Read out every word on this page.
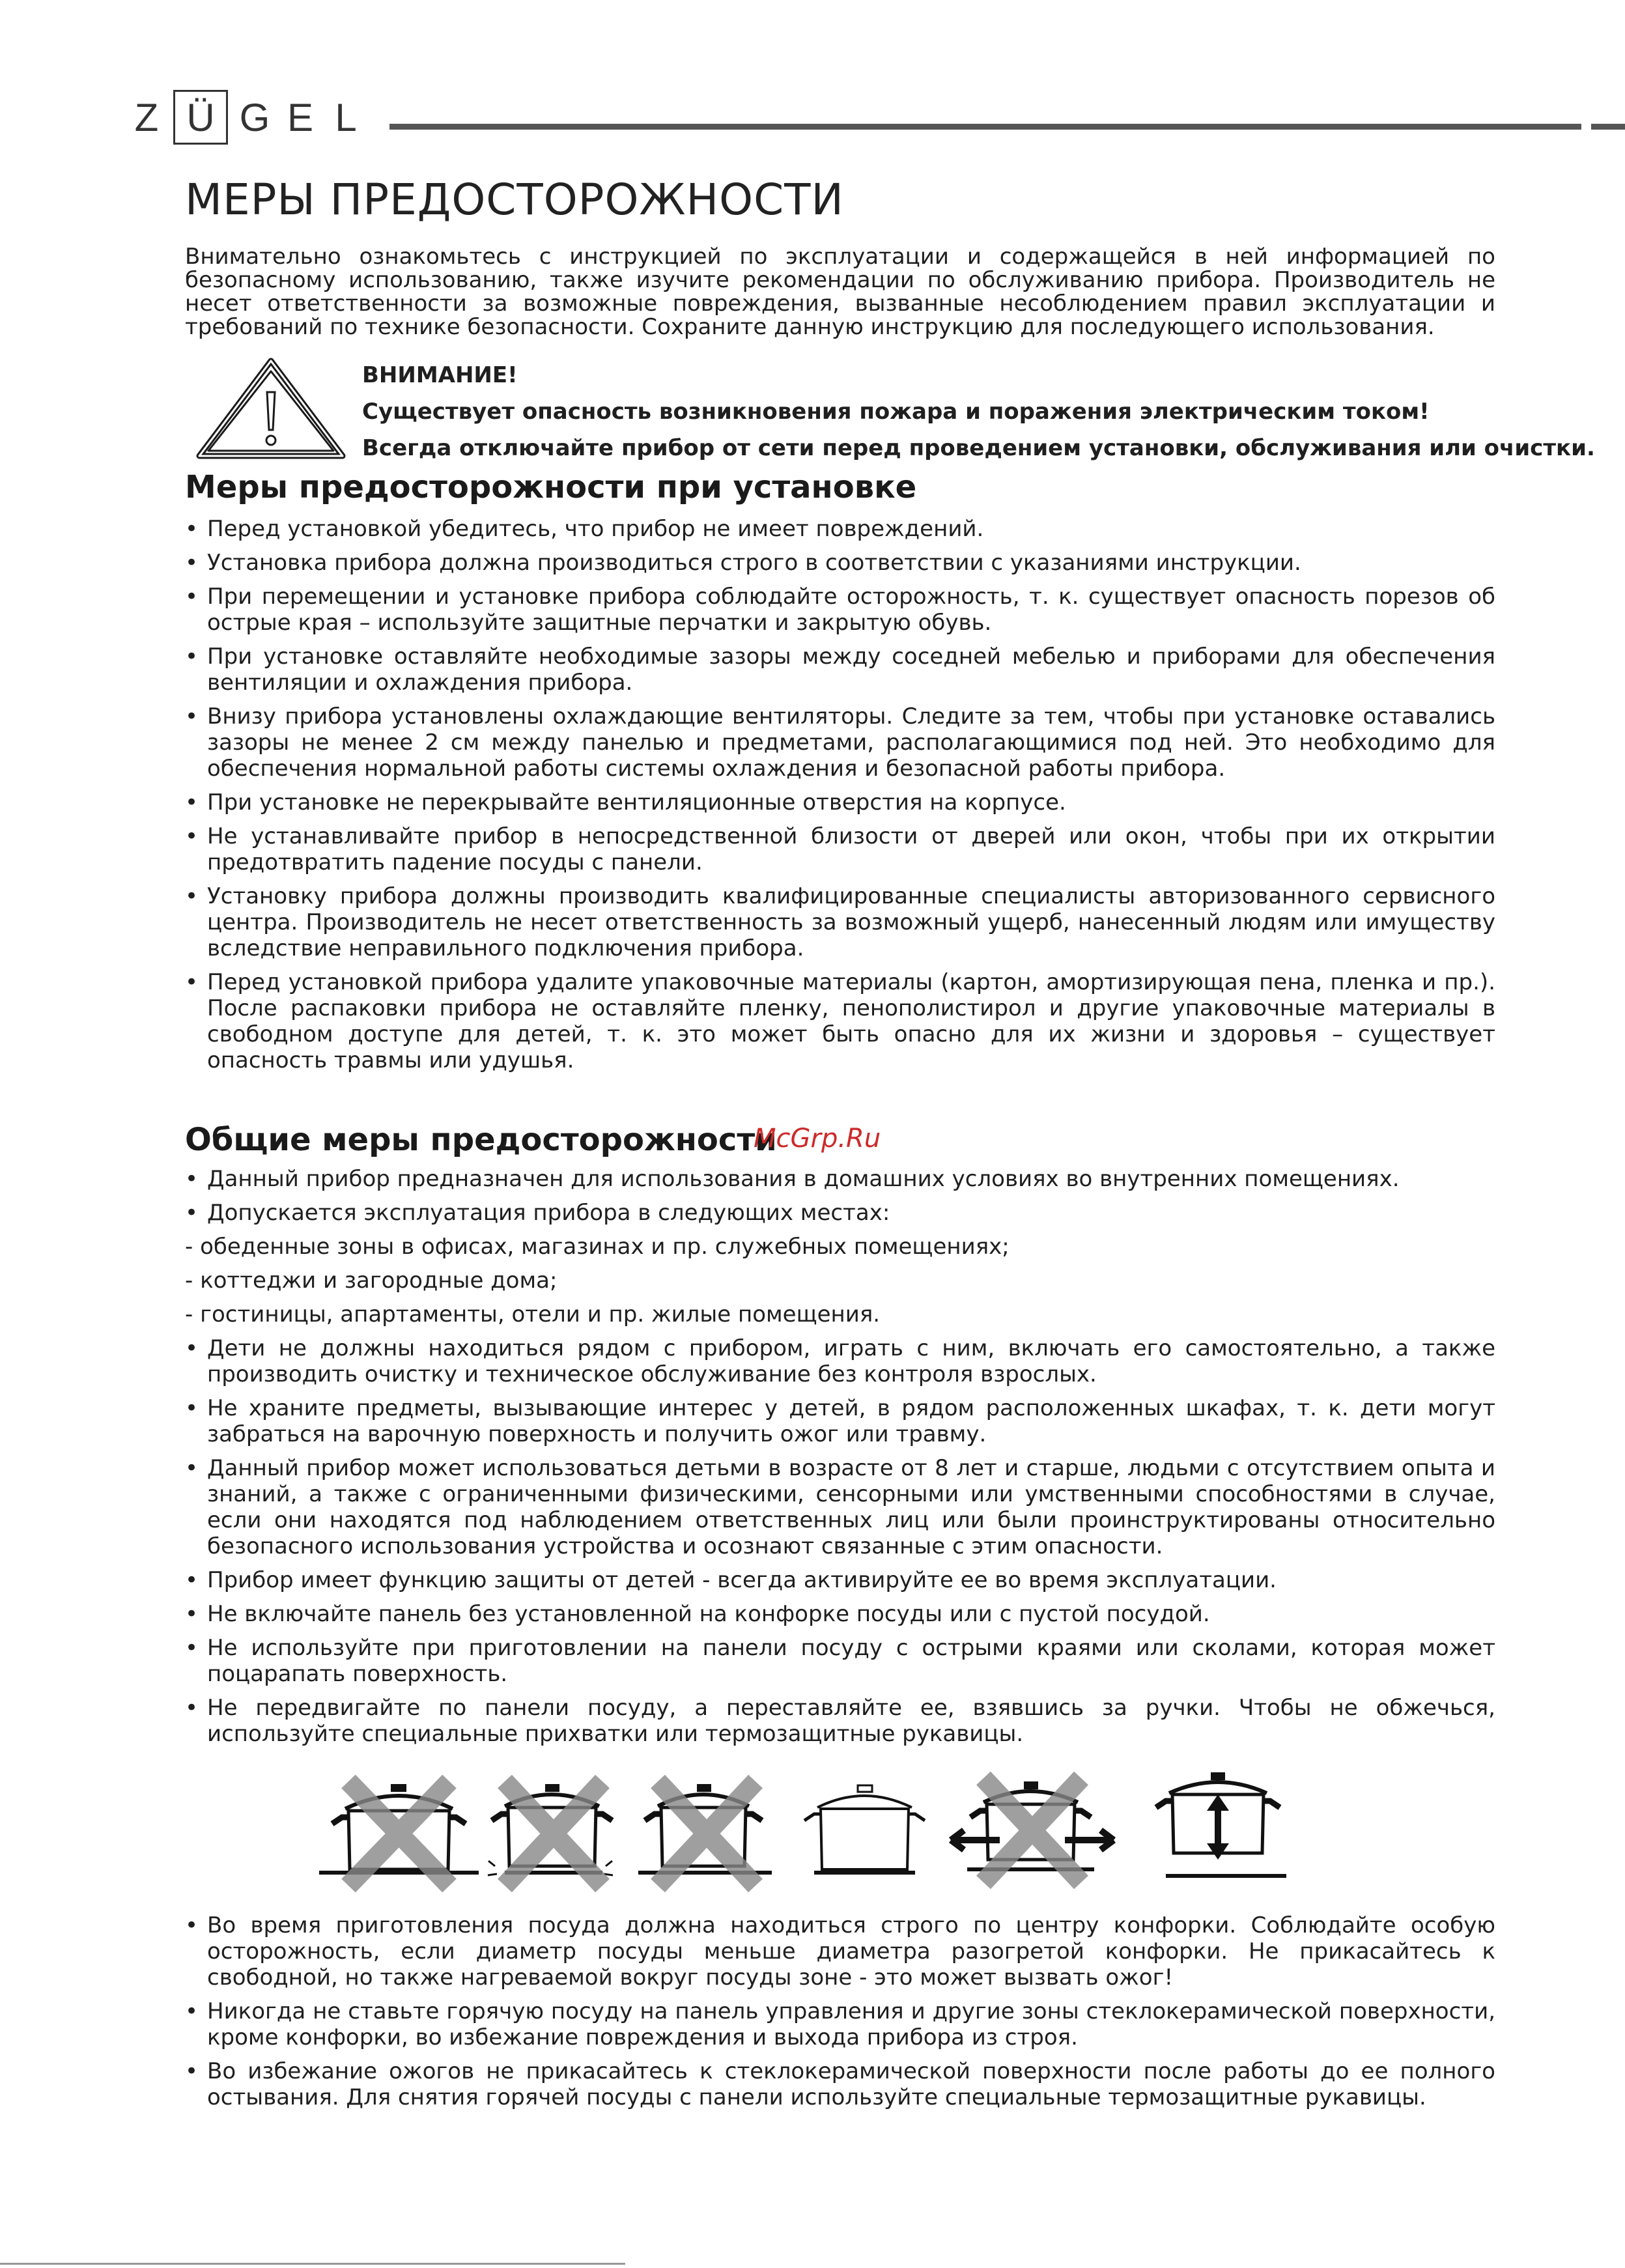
Z Ü G E L
МЕРЫ ПРЕДОСТОРОЖНОСТИ

Внимательно ознакомьтесь с инструкцией по эксплуатации и содержащейся в ней информацией по безопасному использованию, также изучите рекомендации по обслуживанию прибора. Производитель не несет ответственности за возможные повреждения, вызванные несоблюдением правил эксплуатации и требований по технике безопасности. Сохраните данную инструкцию для последующего использования.

ВНИМАНИЕ!
Существует опасность возникновения пожара и поражения электрическим током!
Всегда отключайте прибор от сети перед проведением установки, обслуживания или очистки.
Меры предосторожности при установке
• Перед установкой убедитесь, что прибор не имеет повреждений.
• Установка прибора должна производиться строго в соответствии с указаниями инструкции.
• При перемещении и установке прибора соблюдайте осторожность, т. к. существует опасность порезов об острые края – используйте защитные перчатки и закрытую обувь.
• При установке оставляйте необходимые зазоры между соседней мебелью и приборами для обеспечения вентиляции и охлаждения прибора.
• Внизу прибора установлены охлаждающие вентиляторы. Следите за тем, чтобы при установке оставались зазоры не менее 2 см между панелью и предметами, располагающимися под ней. Это необходимо для обеспечения нормальной работы системы охлаждения и безопасной работы прибора.
• При установке не перекрывайте вентиляционные отверстия на корпусе.
• Не устанавливайте прибор в непосредственной близости от дверей или окон, чтобы при их открытии предотвратить падение посуды с панели.
• Установку прибора должны производить квалифицированные специалисты авторизованного сервисного центра. Производитель не несет ответственность за возможный ущерб, нанесенный людям или имуществу вследствие неправильного подключения прибора.
• Перед установкой прибора удалите упаковочные материалы (картон, амортизирующая пена, пленка и пр.). После распаковки прибора не оставляйте пленку, пенополистирол и другие упаковочные материалы в свободном доступе для детей, т. к. это может быть опасно для их жизни и здоровья – существует опасность травмы или удушья.
Общие меры предосторожности
McGrp.Ru
• Данный прибор предназначен для использования в домашних условиях во внутренних помещениях.
• Допускается эксплуатация прибора в следующих местах:
- обеденные зоны в офисах, магазинах и пр. служебных помещениях;
- коттеджи и загородные дома;
- гостиницы, апартаменты, отели и пр. жилые помещения.
• Дети не должны находиться рядом с прибором, играть с ним, включать его самостоятельно, а также производить очистку и техническое обслуживание без контроля взрослых.
• Не храните предметы, вызывающие интерес у детей, в рядом расположенных шкафах, т. к. дети могут забраться на варочную поверхность и получить ожог или травму.
• Данный прибор может использоваться детьми в возрасте от 8 лет и старше, людьми с отсутствием опыта и знаний, а также с ограниченными физическими, сенсорными или умственными способностями в случае, если они находятся под наблюдением ответственных лиц или были проинструктированы относительно безопасного использования устройства и осознают связанные с этим опасности.
• Прибор имеет функцию защиты от детей - всегда активируйте ее во время эксплуатации.
• Не включайте панель без установленной на конфорке посуды или с пустой посудой.
• Не используйте при приготовлении на панели посуду с острыми краями или сколами, которая может поцарапать поверхность.
• Не передвигайте по панели посуду, а переставляйте ее, взявшись за ручки. Чтобы не обжечься, используйте специальные прихватки или термозащитные рукавицы.
• Во время приготовления посуда должна находиться строго по центру конфорки. Соблюдайте особую осторожность, если диаметр посуды меньше диаметра разогретой конфорки. Не прикасайтесь к свободной, но также нагреваемой вокруг посуды зоне - это может вызвать ожог!
• Никогда не ставьте горячую посуду на панель управления и другие зоны стеклокерамической поверхности, кроме конфорки, во избежание повреждения и выхода прибора из строя.
• Во избежание ожогов не прикасайтесь к стеклокерамической поверхности после работы до ее полного остывания. Для снятия горячей посуды с панели используйте специальные термозащитные рукавицы.
